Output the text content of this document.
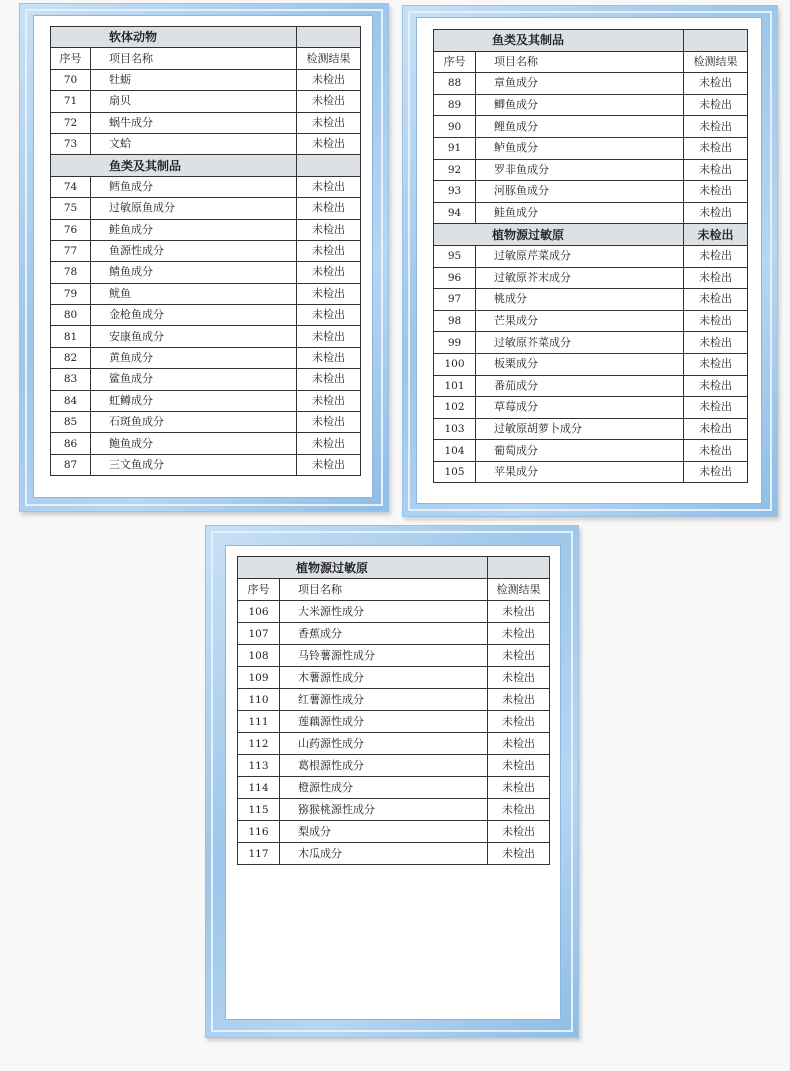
软体动物		
序号	项目名称	检测结果
70	牡蛎	未检出
71	扇贝	未检出
72	蜗牛成分	未检出
73	文蛤	未检出
鱼类及其制品		
74	鳕鱼成分	未检出
75	过敏原鱼成分	未检出
76	鲑鱼成分	未检出
77	鱼源性成分	未检出
78	鲭鱼成分	未检出
79	鱿鱼	未检出
80	金枪鱼成分	未检出
81	安康鱼成分	未检出
82	黄鱼成分	未检出
83	鲨鱼成分	未检出
84	虹鳟成分	未检出
85	石斑鱼成分	未检出
86	鲍鱼成分	未检出
87	三文鱼成分	未检出
鱼类及其制品		
序号	项目名称	检测结果
88	章鱼成分	未检出
89	鲫鱼成分	未检出
90	鲤鱼成分	未检出
91	鲈鱼成分	未检出
92	罗非鱼成分	未检出
93	河豚鱼成分	未检出
94	鲑鱼成分	未检出
植物源过敏原		未检出
95	过敏原芹菜成分	未检出
96	过敏原芥末成分	未检出
97	桃成分	未检出
98	芒果成分	未检出
99	过敏原芥菜成分	未检出
100	板栗成分	未检出
101	番茄成分	未检出
102	草莓成分	未检出
103	过敏原胡萝卜成分	未检出
104	葡萄成分	未检出
105	苹果成分	未检出
植物源过敏原		
序号	项目名称	检测结果
106	大米源性成分	未检出
107	香蕉成分	未检出
108	马铃薯源性成分	未检出
109	木薯源性成分	未检出
110	红薯源性成分	未检出
111	莲藕源性成分	未检出
112	山药源性成分	未检出
113	葛根源性成分	未检出
114	橙源性成分	未检出
115	猕猴桃源性成分	未检出
116	梨成分	未检出
117	木瓜成分	未检出
